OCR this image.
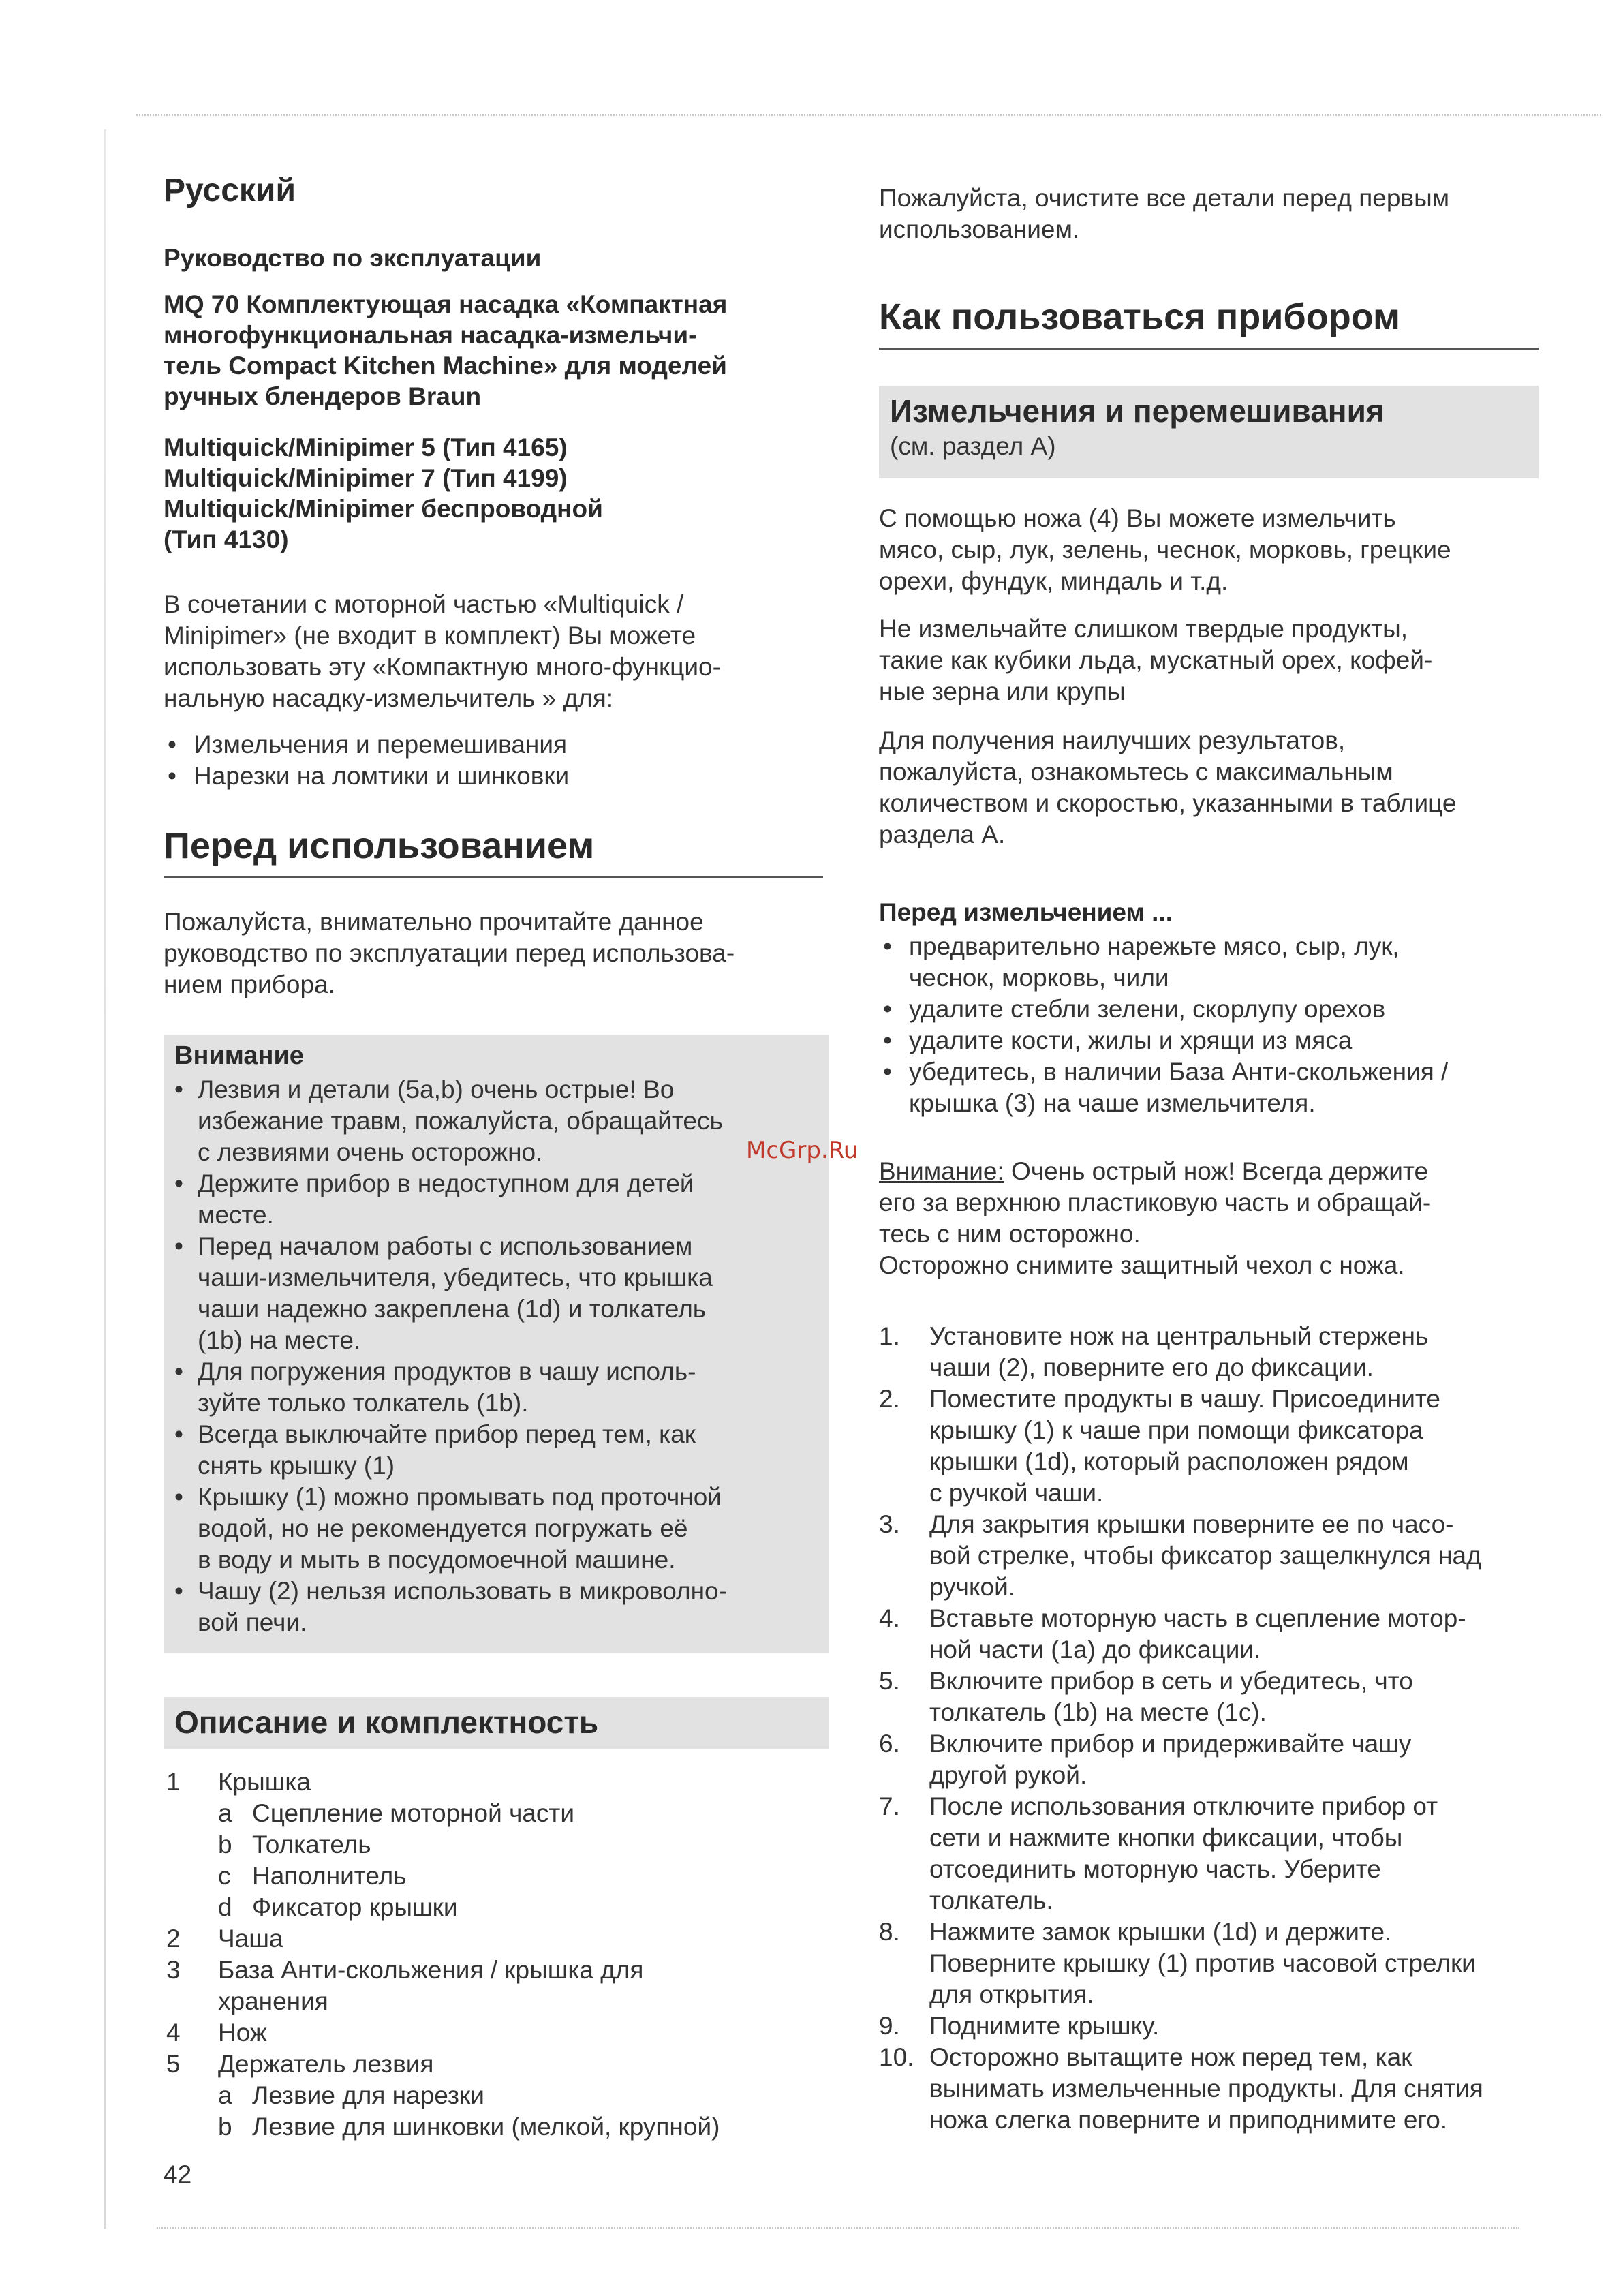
Русский
Руководство по эксплуатации
MQ 70 Комплектующая насадка «Компактная
многофункциональная насадка-измельчи-
тель Compact Kitchen Machine» для моделей
ручных блендеров Braun
Multiquick/Minipimer 5 (Тип 4165)
Multiquick/Minipimer 7 (Тип 4199)
Multiquick/Minipimer беспроводной
(Тип 4130)
В сочетании с моторной частью «Multiquick /
Minipimer» (не входит в комплект) Вы можете
использовать эту «Компактную много-функцио-
нальную насадку-измельчитель » для:
• Измельчения и перемешивания
• Нарезки на ломтики и шинковки
Перед использованием
Пожалуйста, внимательно прочитайте данное
руководство по эксплуатации перед использова-
нием прибора.
Внимание
• Лезвия и детали (5a,b) очень острые! Во
избежание травм, пожалуйста, обращайтесь
с лезвиями очень осторожно.
• Держите прибор в недоступном для детей
месте.
• Перед началом работы с использованием
чаши-измельчителя, убедитесь, что крышка
чаши надежно закреплена (1d) и толкатель
(1b) на месте.
• Для погружения продуктов в чашу исполь-
зуйте только толкатель (1b).
• Всегда выключайте прибор перед тем, как
снять крышку (1)
• Крышку (1) можно промывать под проточной
водой, но не рекомендуется погружать её
в воду и мыть в посудомоечной машине.
• Чашу (2) нельзя использовать в микроволно-
вой печи.
Описание и комплектность
1 Крышка
a Сцепление моторной части
b Толкатель
c Наполнитель
d Фиксатор крышки
2 Чаша
3 База Анти-скольжения / крышка для
хранения
4 Нож
5 Держатель лезвия
a Лезвие для нарезки
b Лезвие для шинковки (мелкой, крупной)
42
McGrp.Ru
Пожалуйста, очистите все детали перед первым
использованием.
Как пользоваться прибором
Измельчения и перемешивания
(см. раздел А)
С помощью ножа (4) Вы можете измельчить
мясо, сыр, лук, зелень, чеснок, морковь, грецкие
орехи, фундук, миндаль и т.д.
Не измельчайте слишком твердые продукты,
такие как кубики льда, мускатный орех, кофей-
ные зерна или крупы
Для получения наилучших результатов,
пожалуйста, ознакомьтесь с максимальным
количеством и скоростью, указанными в таблице
раздела А.
Перед измельчением ...
• предварительно нарежьте мясо, сыр, лук,
чеснок, морковь, чили
• удалите стебли зелени, скорлупу орехов
• удалите кости, жилы и хрящи из мяса
• убедитесь, в наличии База Анти-скольжения /
крышка (3) на чаше измельчителя.
Внимание: Очень острый нож! Всегда держите
его за верхнюю пластиковую часть и обращай-
тесь с ним осторожно.
Осторожно снимите защитный чехол с ножа.
1. Установите нож на центральный стержень
чаши (2), поверните его до фиксации.
2. Поместите продукты в чашу. Присоедините
крышку (1) к чаше при помощи фиксатора
крышки (1d), который расположен рядом
с ручкой чаши.
3. Для закрытия крышки поверните ее по часо-
вой стрелке, чтобы фиксатор защелкнулся над
ручкой.
4. Вставьте моторную часть в сцепление мотор-
ной части (1a) до фиксации.
5. Включите прибор в сеть и убедитесь, что
толкатель (1b) на месте (1c).
6. Включите прибор и придерживайте чашу
другой рукой.
7. После использования отключите прибор от
сети и нажмите кнопки фиксации, чтобы
отсоединить моторную часть. Уберите
толкатель.
8. Нажмите замок крышки (1d) и держите.
Поверните крышку (1) против часовой стрелки
для открытия.
9. Поднимите крышку.
10. Осторожно вытащите нож перед тем, как
вынимать измельченные продукты. Для снятия
ножа слегка поверните и приподнимите его.
